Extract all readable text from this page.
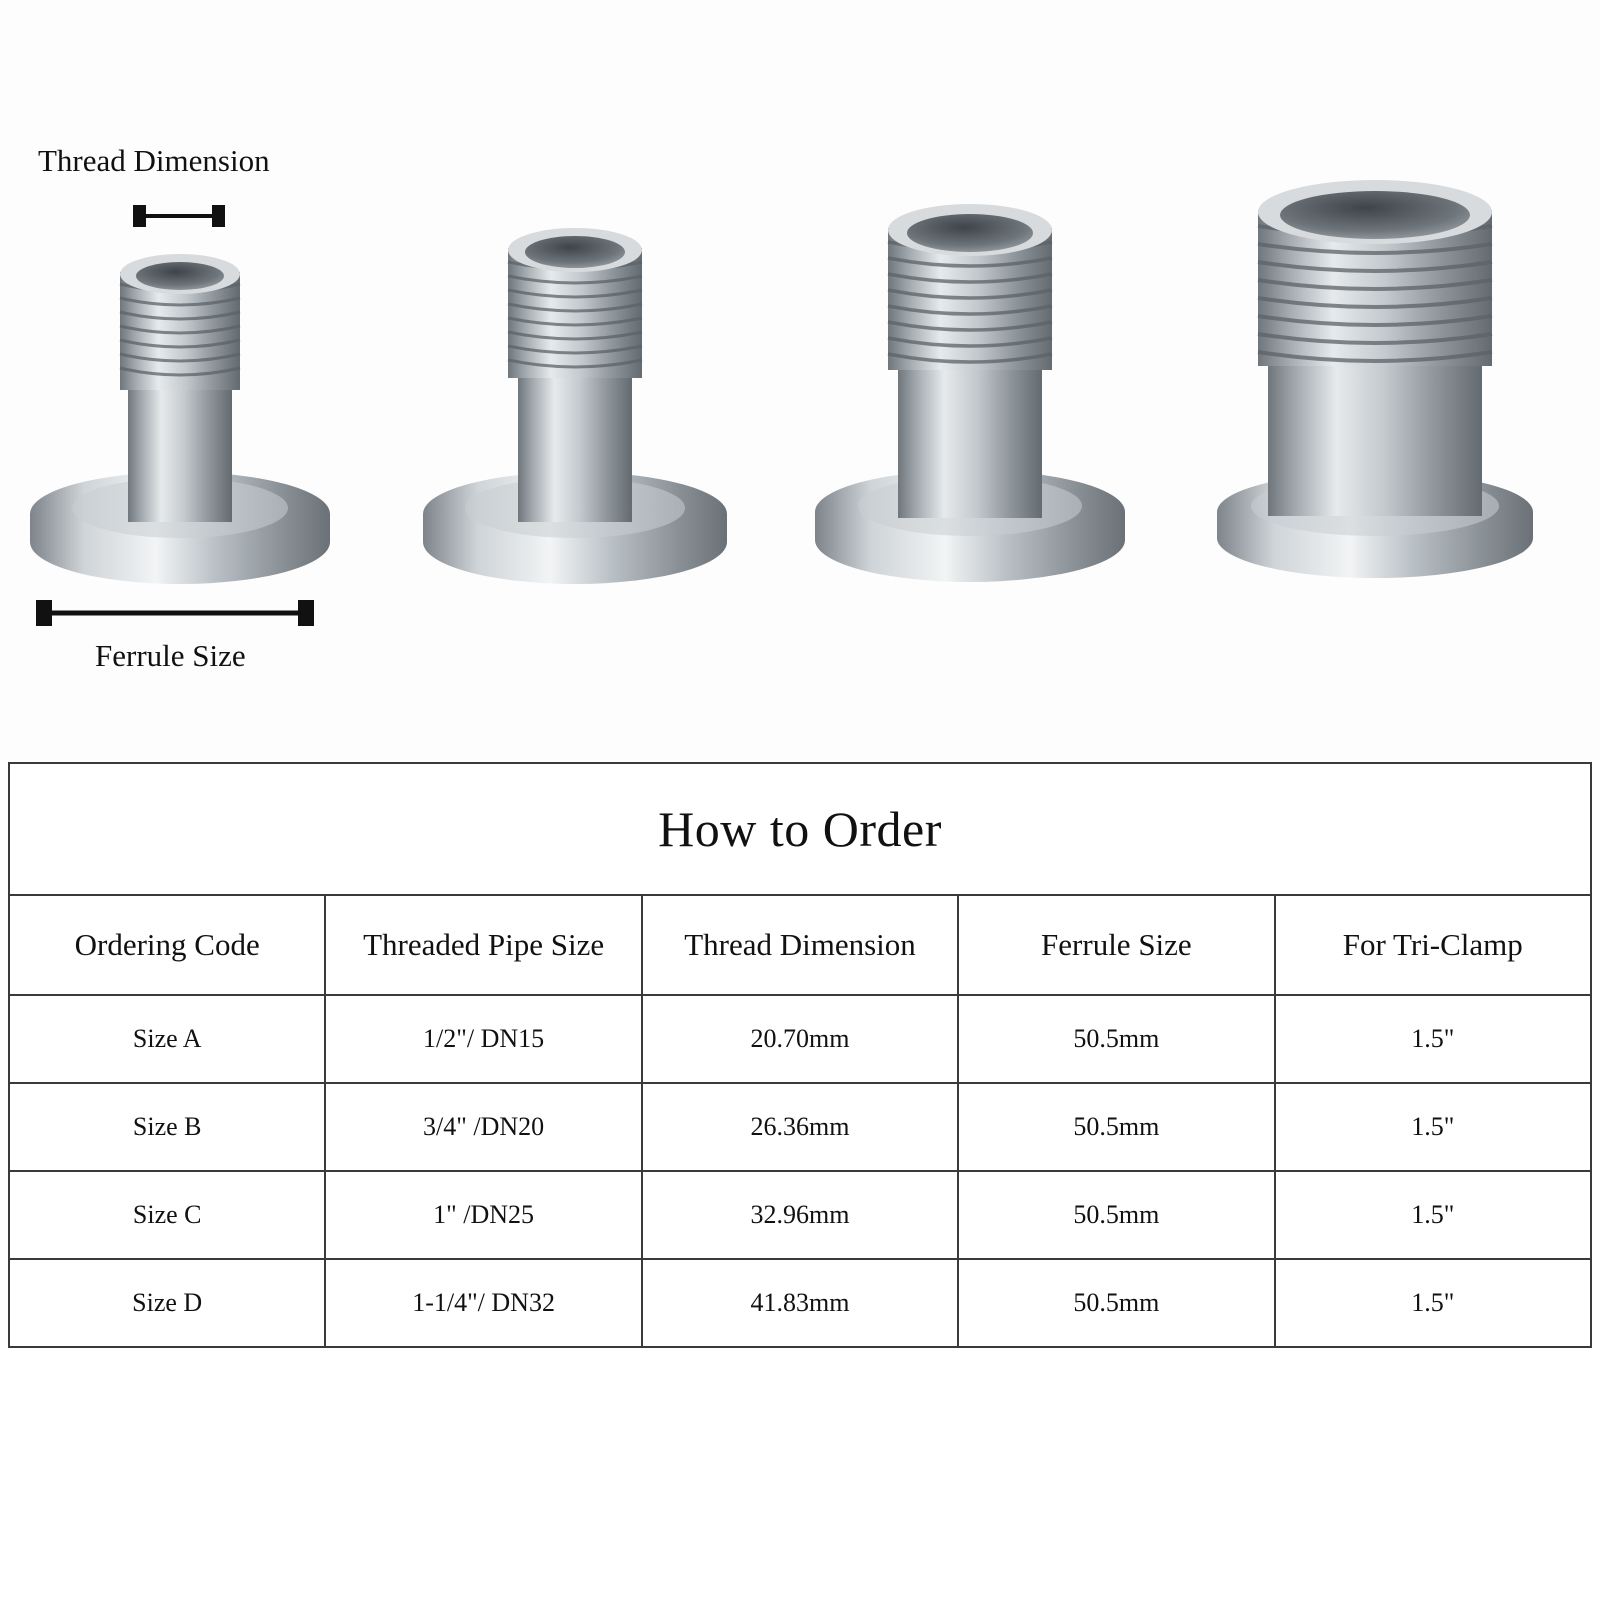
Thread Dimension
Ferrule Size
How to Order				
Ordering Code	Threaded Pipe Size	Thread Dimension	Ferrule Size	For Tri-Clamp
Size A	1/2"/ DN15	20.70mm	50.5mm	1.5"
Size B	3/4" /DN20	26.36mm	50.5mm	1.5"
Size C	1" /DN25	32.96mm	50.5mm	1.5"
Size D	1-1/4"/ DN32	41.83mm	50.5mm	1.5"
